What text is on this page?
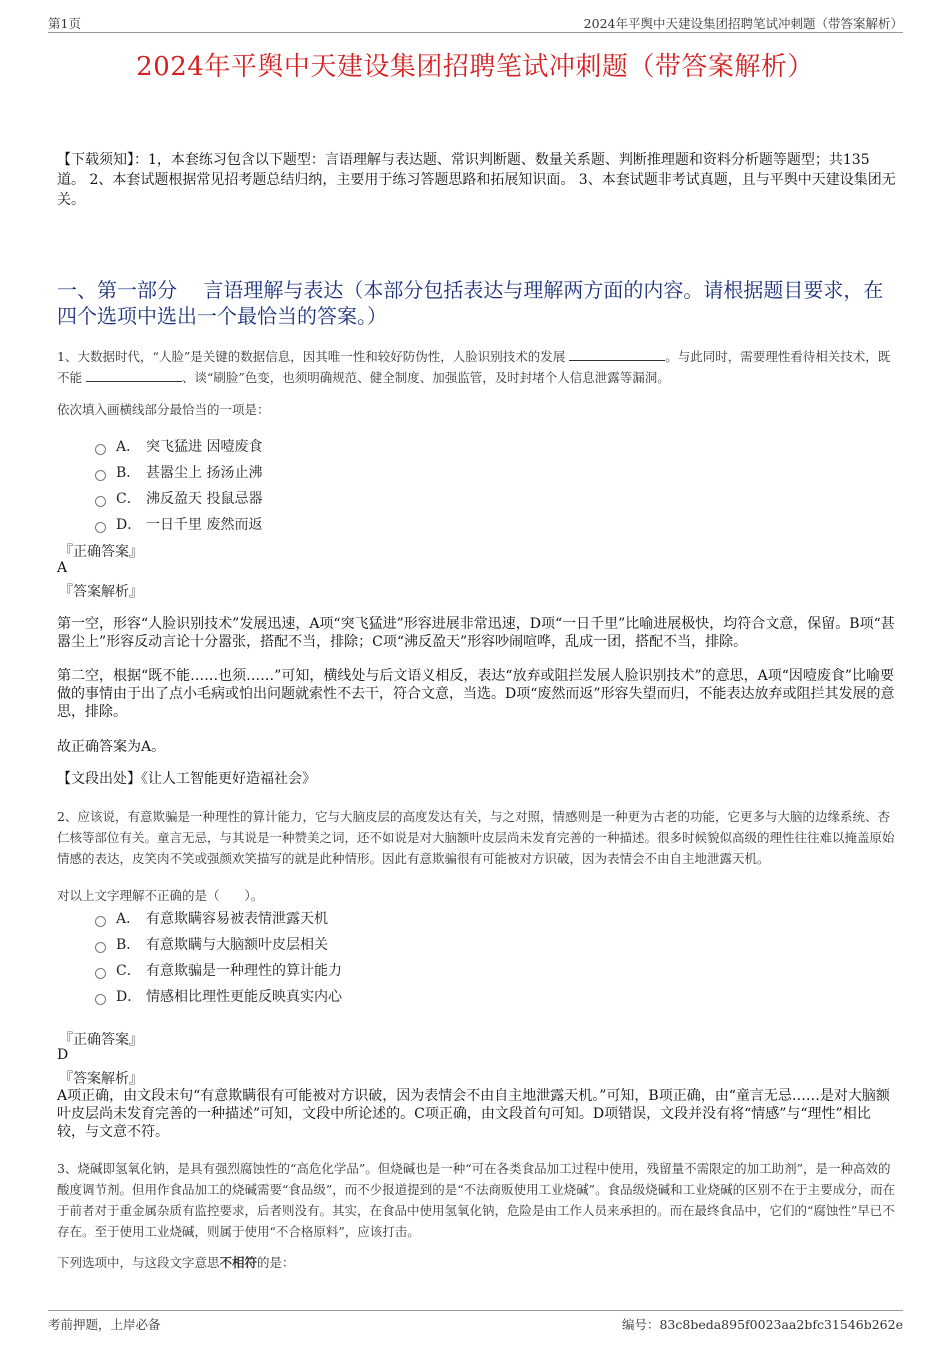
第1页	2024年平舆中天建设集团招聘笔试冲刺题（带答案解析）
2024年平舆中天建设集团招聘笔试冲刺题（带答案解析）
【下载须知】：1，本套练习包含以下题型：言语理解与表达题、常识判断题、数量关系题、判断推理题和资料分析题等题型；共135道。 2、本套试题根据常见招考题总结归纳，主要用于练习答题思路和拓展知识面。 3、本套试题非考试真题，且与平舆中天建设集团无关。
一、第一部分　 言语理解与表达（本部分包括表达与理解两方面的内容。请根据题目要求，在四个选项中选出一个最恰当的答案。）
1、大数据时代，“人脸”是关键的数据信息，因其唯一性和较好防伪性，人脸识别技术的发展	。与此同时，需要理性看待相关技术，既不能	、谈“刷脸”色变，也须明确规范、健全制度、加强监管，及时封堵个人信息泄露等漏洞。
依次填入画横线部分最恰当的一项是：
A． 突飞猛进 因噎废食
B． 甚嚣尘上 扬汤止沸
C． 沸反盈天 投鼠忌器
D． 一日千里 废然而返
『正确答案』
A
『答案解析』
第一空，形容“人脸识别技术”发展迅速，A项“突飞猛进”形容进展非常迅速，D项“一日千里”比喻进展极快，均符合文意，保留。B项“甚嚣尘上”形容反动言论十分嚣张，搭配不当，排除；C项“沸反盈天”形容吵闹喧哗，乱成一团，搭配不当，排除。
第二空，根据“既不能……也须……”可知，横线处与后文语义相反，表达“放弃或阻拦发展人脸识别技术”的意思，A项“因噎废食”比喻要做的事情由于出了点小毛病或怕出问题就索性不去干，符合文意，当选。D项“废然而返”形容失望而归，不能表达放弃或阻拦其发展的意思，排除。
故正确答案为A。
【文段出处】《让人工智能更好造福社会》
2、应该说，有意欺骗是一种理性的算计能力，它与大脑皮层的高度发达有关，与之对照，情感则是一种更为古老的功能，它更多与大脑的边缘系统、杏仁核等部位有关。童言无忌，与其说是一种赞美之词，还不如说是对大脑额叶皮层尚未发育完善的一种描述。很多时候貌似高级的理性往往难以掩盖原始情感的表达，皮笑肉不笑或强颜欢笑描写的就是此种情形。因此有意欺骗很有可能被对方识破，因为表情会不由自主地泄露天机。
对以上文字理解不正确的是（　　）。
A． 有意欺瞒容易被表情泄露天机
B． 有意欺瞒与大脑额叶皮层相关
C． 有意欺骗是一种理性的算计能力
D． 情感相比理性更能反映真实内心
『正确答案』
D
『答案解析』
A项正确，由文段末句“有意欺瞒很有可能被对方识破，因为表情会不由自主地泄露天机。”可知，B项正确，由“童言无忌……是对大脑额叶皮层尚未发育完善的一种描述”可知，文段中所论述的。C项正确，由文段首句可知。D项错误，文段并没有将“情感”与“理性”相比较，与文意不符。
3、烧碱即氢氧化钠，是具有强烈腐蚀性的“高危化学品”。但烧碱也是一种“可在各类食品加工过程中使用，残留量不需限定的加工助剂”，是一种高效的酸度调节剂。但用作食品加工的烧碱需要“食品级”，而不少报道提到的是“不法商贩使用工业烧碱”。食品级烧碱和工业烧碱的区别不在于主要成分，而在于前者对于重金属杂质有监控要求，后者则没有。其实，在食品中使用氢氧化钠，危险是由工作人员来承担的。而在最终食品中，它们的“腐蚀性”早已不存在。至于使用工业烧碱，则属于使用“不合格原料”，应该打击。
下列选项中，与这段文字意思不相符的是：
考前押题，上岸必备	编号：83c8beda895f0023aa2bfc31546b262e
